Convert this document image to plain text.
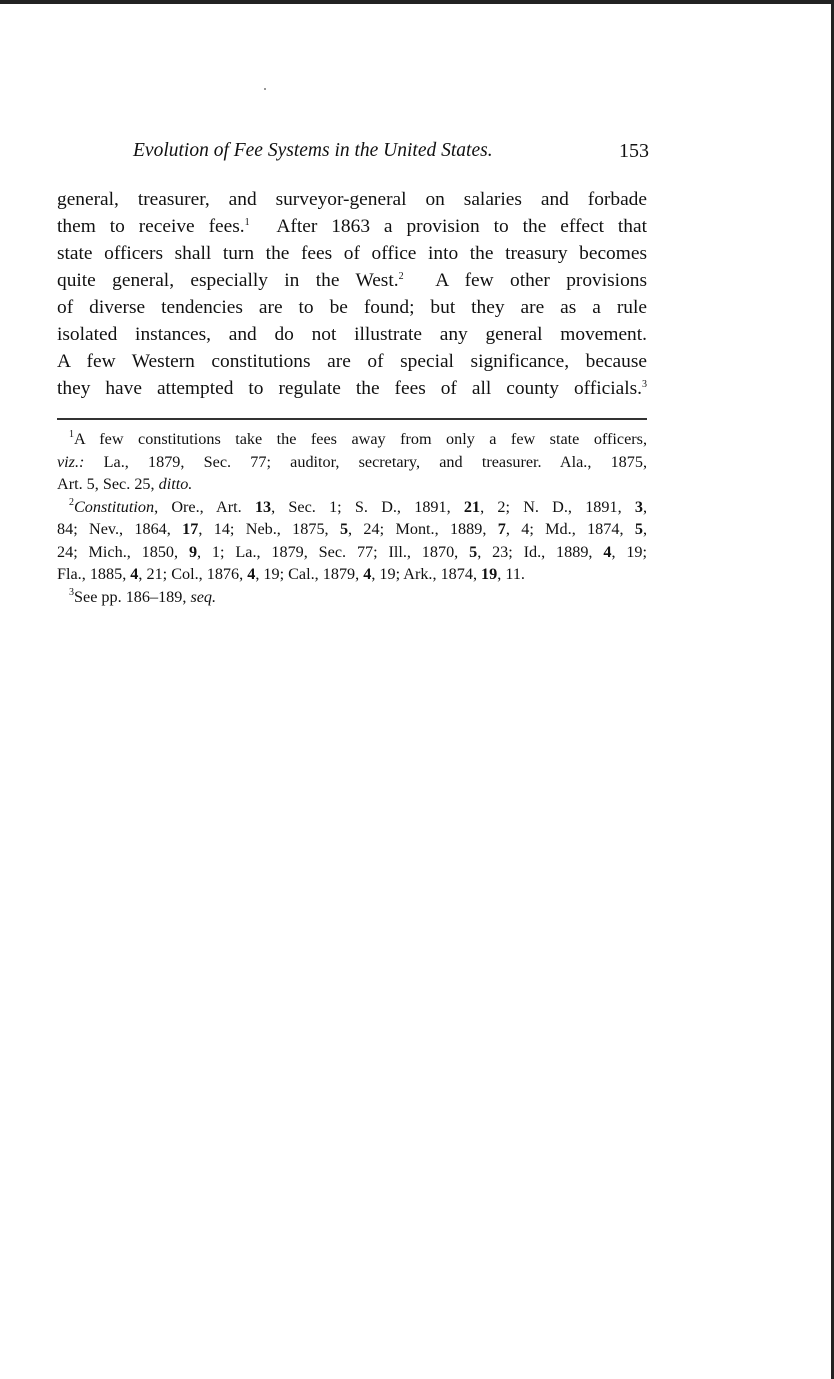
Evolution of Fee Systems in the United States.	153
general, treasurer, and surveyor-general on salaries and forbade
them to receive fees.$^1$ After 1863 a provision to the effect that
state officers shall turn the fees of office into the treasury becomes
quite general, especially in the West.$^2$ A few other provisions
of diverse tendencies are to be found; but they are as a rule
isolated instances, and do not illustrate any general movement.
A few Western constitutions are of special significance, because
they have attempted to regulate the fees of all county officials.$^3$
$^1$A few constitutions take the fees away from only a few state officers,
viz.: La., 1879, Sec. 77; auditor, secretary, and treasurer. Ala., 1875,
Art. 5, Sec. 25, ditto.
$^2$Constitution, Ore., Art. 13, Sec. 1; S. D., 1891, 21, 2; N. D., 1891, 3,
84; Nev., 1864, 17, 14; Neb., 1875, 5, 24; Mont., 1889, 7, 4; Md., 1874, 5,
24; Mich., 1850, 9, 1; La., 1879, Sec. 77; Ill., 1870, 5, 23; Id., 1889, 4, 19;
Fla., 1885, 4, 21; Col., 1876, 4, 19; Cal., 1879, 4, 19; Ark., 1874, 19, 11.
$^3$See pp. 186–189, seq.
